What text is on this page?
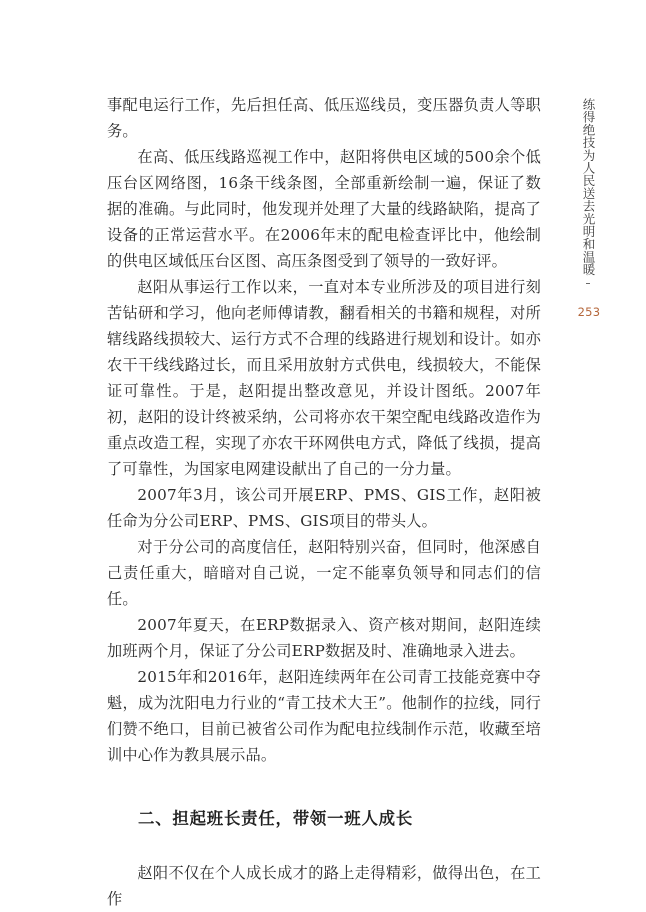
练得绝技为人民送去光明和温暖
253

事配电运行工作，先后担任高、低压巡线员，变压器负责人等职务。

在高、低压线路巡视工作中，赵阳将供电区域的500余个低压台区网络图，16条干线条图，全部重新绘制一遍，保证了数据的准确。与此同时，他发现并处理了大量的线路缺陷，提高了设备的正常运营水平。在2006年末的配电检查评比中，他绘制的供电区域低压台区图、高压条图受到了领导的一致好评。

赵阳从事运行工作以来，一直对本专业所涉及的项目进行刻苦钻研和学习，他向老师傅请教，翻看相关的书籍和规程，对所辖线路线损较大、运行方式不合理的线路进行规划和设计。如亦农干干线线路过长，而且采用放射方式供电，线损较大，不能保证可靠性。于是，赵阳提出整改意见，并设计图纸。2007年初，赵阳的设计终被采纳，公司将亦农干架空配电线路改造作为重点改造工程，实现了亦农干环网供电方式，降低了线损，提高了可靠性，为国家电网建设献出了自己的一分力量。

2007年3月，该公司开展ERP、PMS、GIS工作，赵阳被任命为分公司ERP、PMS、GIS项目的带头人。

对于分公司的高度信任，赵阳特别兴奋，但同时，他深感自己责任重大，暗暗对自己说，一定不能辜负领导和同志们的信任。

2007年夏天，在ERP数据录入、资产核对期间，赵阳连续加班两个月，保证了分公司ERP数据及时、准确地录入进去。

2015年和2016年，赵阳连续两年在公司青工技能竞赛中夺魁，成为沈阳电力行业的“青工技术大王”。他制作的拉线，同行们赞不绝口，目前已被省公司作为配电拉线制作示范，收藏至培训中心作为教具展示品。

二、担起班长责任，带领一班人成长

赵阳不仅在个人成长成才的路上走得精彩，做得出色，在工作
